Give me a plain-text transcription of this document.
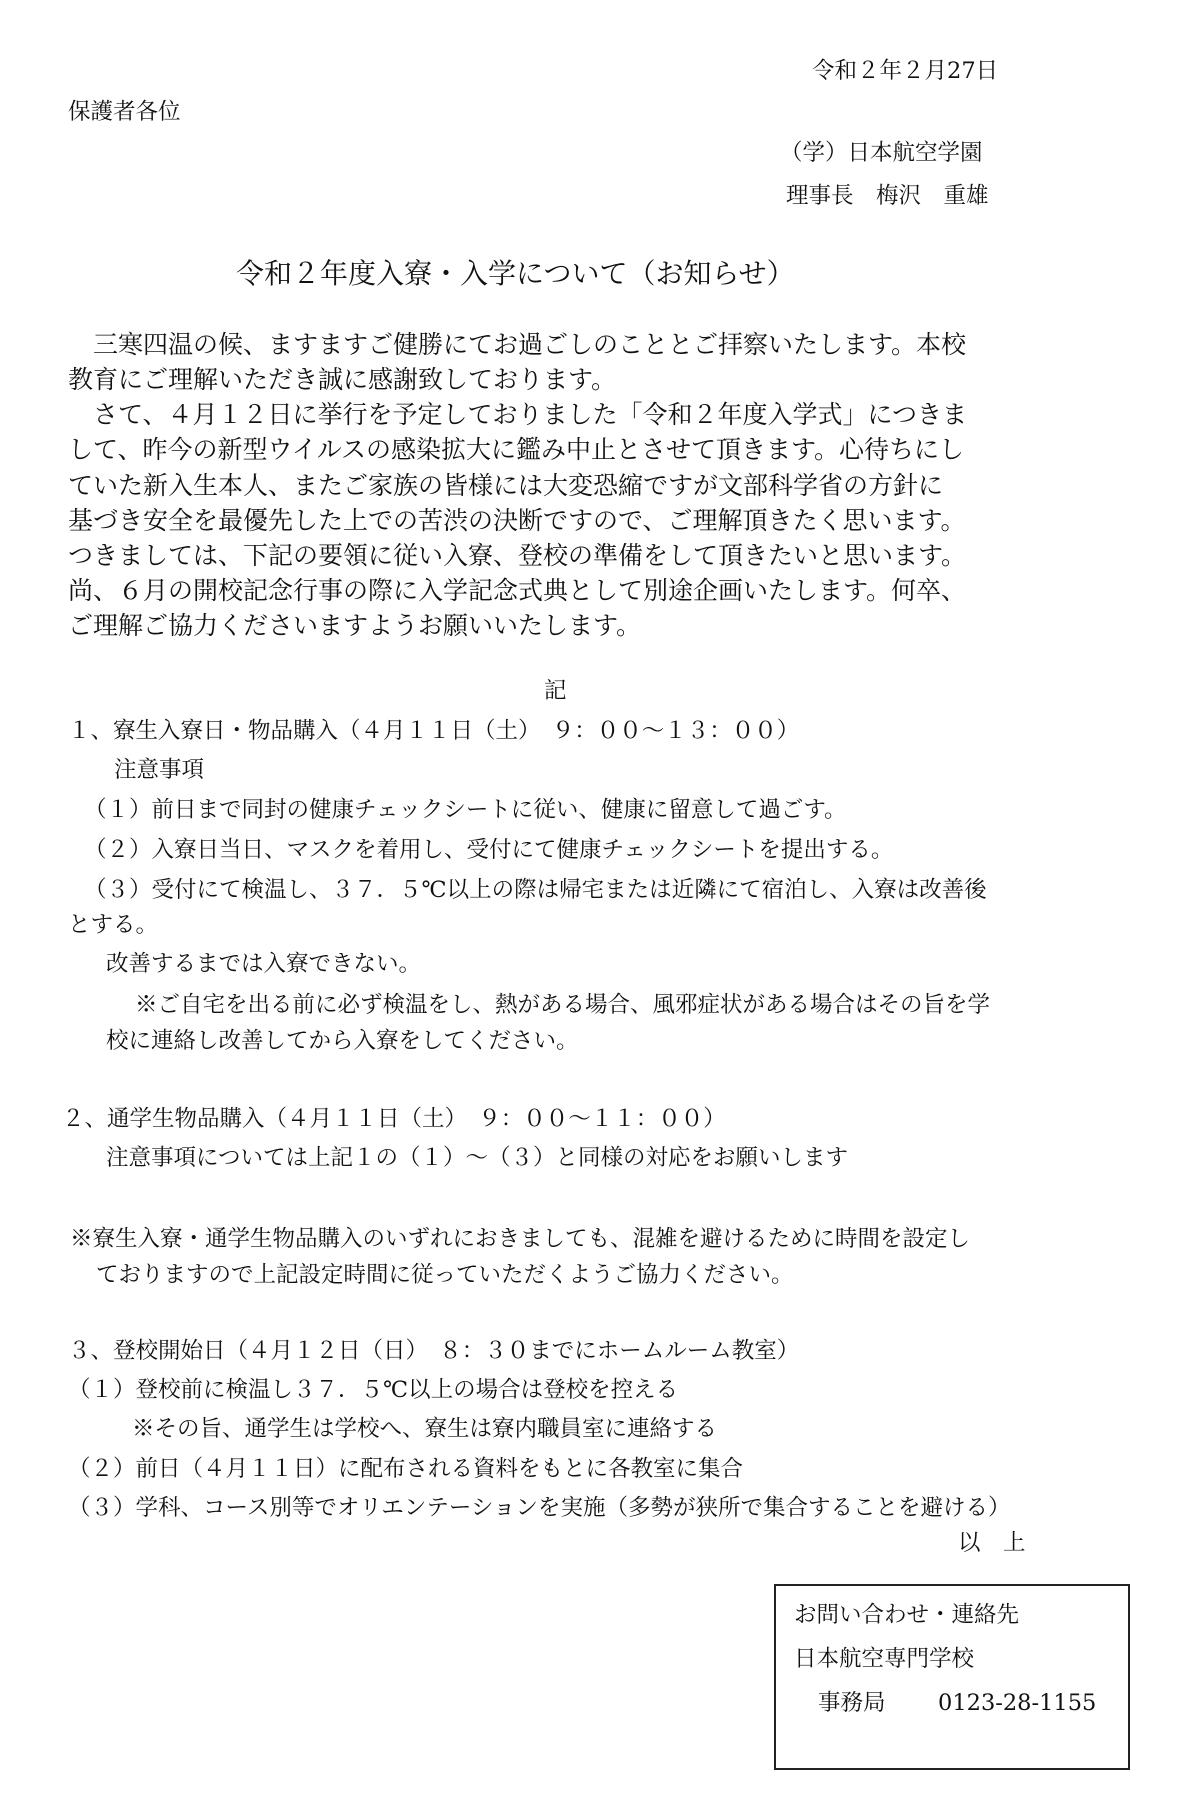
令和２年２月27日
保護者各位
（学）日本航空学園
理事長　梅沢　重雄
令和２年度入寮・入学について（お知らせ）
三寒四温の候、ますますご健勝にてお過ごしのこととご拝察いたします。本校
教育にご理解いただき誠に感謝致しております。
さて、４月１２日に挙行を予定しておりました「令和２年度入学式」につきま
して、昨今の新型ウイルスの感染拡大に鑑み中止とさせて頂きます。心待ちにし
ていた新入生本人、またご家族の皆様には大変恐縮ですが文部科学省の方針に
基づき安全を最優先した上での苦渋の決断ですので、ご理解頂きたく思います。
つきましては、下記の要領に従い入寮、登校の準備をして頂きたいと思います。
尚、６月の開校記念行事の際に入学記念式典として別途企画いたします。何卒、
ご理解ご協力くださいますようお願いいたします。
記
１、寮生入寮日・物品購入（４月１１日（土）　９：００～１３：００）
注意事項
（１）前日まで同封の健康チェックシートに従い、健康に留意して過ごす。
（２）入寮日当日、マスクを着用し、受付にて健康チェックシートを提出する。
（３）受付にて検温し、３７．５℃以上の際は帰宅または近隣にて宿泊し、入寮は改善後
とする。
改善するまでは入寮できない。
※ご自宅を出る前に必ず検温をし、熱がある場合、風邪症状がある場合はその旨を学
校に連絡し改善してから入寮をしてください。
２、通学生物品購入（４月１１日（土）　９：００～１１：００）
注意事項については上記１の（１）～（３）と同様の対応をお願いします
※寮生入寮・通学生物品購入のいずれにおきましても、混雑を避けるために時間を設定し
ておりますので上記設定時間に従っていただくようご協力ください。
３、登校開始日（４月１２日（日）　８：３０までにホームルーム教室）
（１）登校前に検温し３７．５℃以上の場合は登校を控える
※その旨、通学生は学校へ、寮生は寮内職員室に連絡する
（２）前日（４月１１日）に配布される資料をもとに各教室に集合
（３）学科、コース別等でオリエンテーションを実施（多勢が狭所で集合することを避ける）
以　上
お問い合わせ・連絡先
日本航空専門学校
事務局 0123-28-1155
